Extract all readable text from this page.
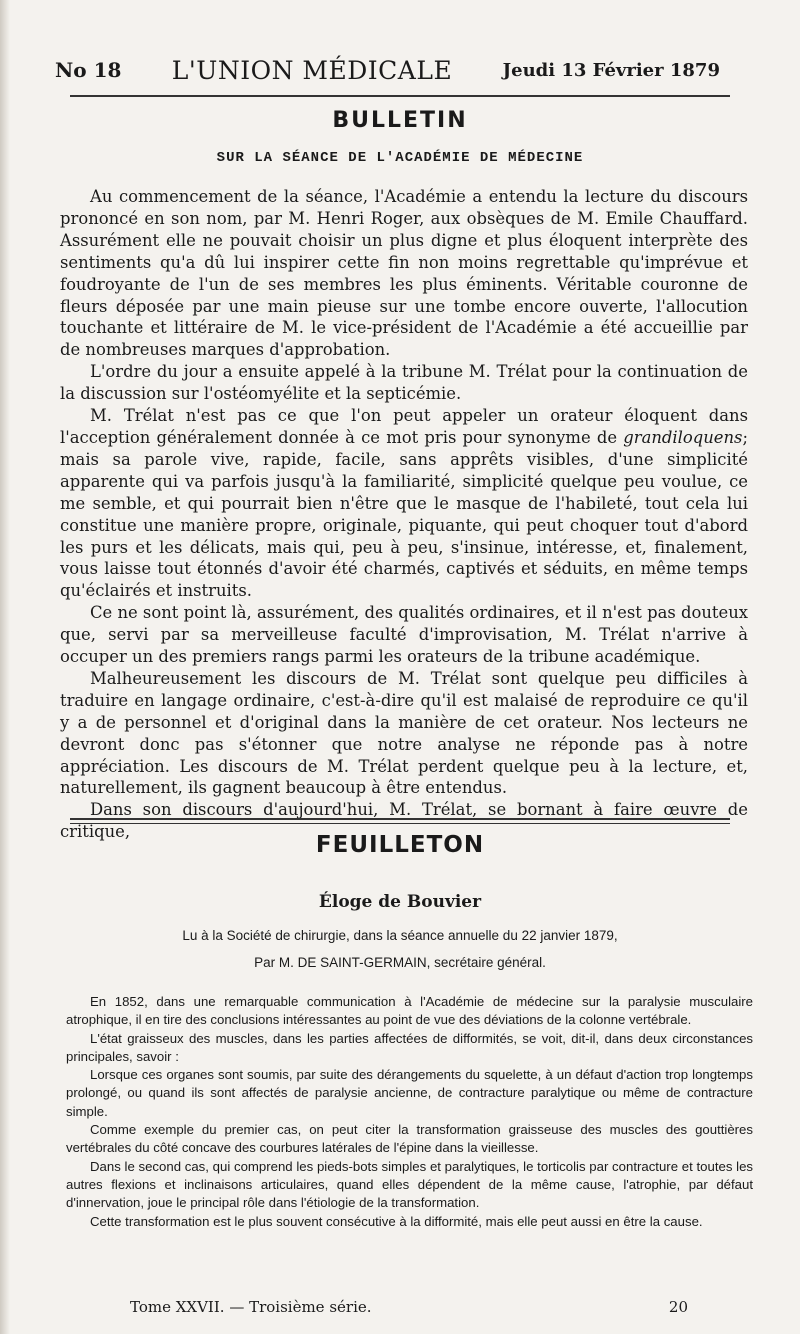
No 18 L'UNION MÉDICALE	Jeudi 13 Février 1879
BULLETIN
SUR LA SÉANCE DE L'ACADÉMIE DE MÉDECINE

Au commencement de la séance, l'Académie a entendu la lecture du discours prononcé en son nom, par M. Henri Roger, aux obsèques de M. Emile Chauffard. Assurément elle ne pouvait choisir un plus digne et plus éloquent interprète des sentiments qu'a dû lui inspirer cette fin non moins regrettable qu'imprévue et foudroyante de l'un de ses membres les plus éminents. Véritable couronne de fleurs déposée par une main pieuse sur une tombe encore ouverte, l'allocution touchante et littéraire de M. le vice-président de l'Académie a été accueillie par de nombreuses marques d'approbation.

L'ordre du jour a ensuite appelé à la tribune M. Trélat pour la continuation de la discussion sur l'ostéomyélite et la septicémie.

M. Trélat n'est pas ce que l'on peut appeler un orateur éloquent dans l'acception généralement donnée à ce mot pris pour synonyme de grandiloquens; mais sa parole vive, rapide, facile, sans apprêts visibles, d'une simplicité apparente qui va parfois jusqu'à la familiarité, simplicité quelque peu voulue, ce me semble, et qui pourrait bien n'être que le masque de l'habileté, tout cela lui constitue une manière propre, originale, piquante, qui peut choquer tout d'abord les purs et les délicats, mais qui, peu à peu, s'insinue, intéresse, et, finalement, vous laisse tout étonnés d'avoir été charmés, captivés et séduits, en même temps qu'éclairés et instruits.

Ce ne sont point là, assurément, des qualités ordinaires, et il n'est pas douteux que, servi par sa merveilleuse faculté d'improvisation, M. Trélat n'arrive à occuper un des premiers rangs parmi les orateurs de la tribune académique.

Malheureusement les discours de M. Trélat sont quelque peu difficiles à traduire en langage ordinaire, c'est-à-dire qu'il est malaisé de reproduire ce qu'il y a de personnel et d'original dans la manière de cet orateur. Nos lecteurs ne devront donc pas s'étonner que notre analyse ne réponde pas à notre appréciation. Les discours de M. Trélat perdent quelque peu à la lecture, et, naturellement, ils gagnent beaucoup à être entendus.

Dans son discours d'aujourd'hui, M. Trélat, se bornant à faire œuvre de critique,

FEUILLETON
Éloge de Bouvier
Lu à la Société de chirurgie, dans la séance annuelle du 22 janvier 1879,
Par M. DE SAINT-GERMAIN, secrétaire général.

En 1852, dans une remarquable communication à l'Académie de médecine sur la paralysie musculaire atrophique, il en tire des conclusions intéressantes au point de vue des déviations de la colonne vertébrale.

L'état graisseux des muscles, dans les parties affectées de difformités, se voit, dit-il, dans deux circonstances principales, savoir :

Lorsque ces organes sont soumis, par suite des dérangements du squelette, à un défaut d'action trop longtemps prolongé, ou quand ils sont affectés de paralysie ancienne, de contracture paralytique ou même de contracture simple.

Comme exemple du premier cas, on peut citer la transformation graisseuse des muscles des gouttières vertébrales du côté concave des courbures latérales de l'épine dans la vieillesse.

Dans le second cas, qui comprend les pieds-bots simples et paralytiques, le torticolis par contracture et toutes les autres flexions et inclinaisons articulaires, quand elles dépendent de la même cause, l'atrophie, par défaut d'innervation, joue le principal rôle dans l'étiologie de la transformation.

Cette transformation est le plus souvent consécutive à la difformité, mais elle peut aussi en être la cause.

Tome XXVII. — Troisième série.	20
